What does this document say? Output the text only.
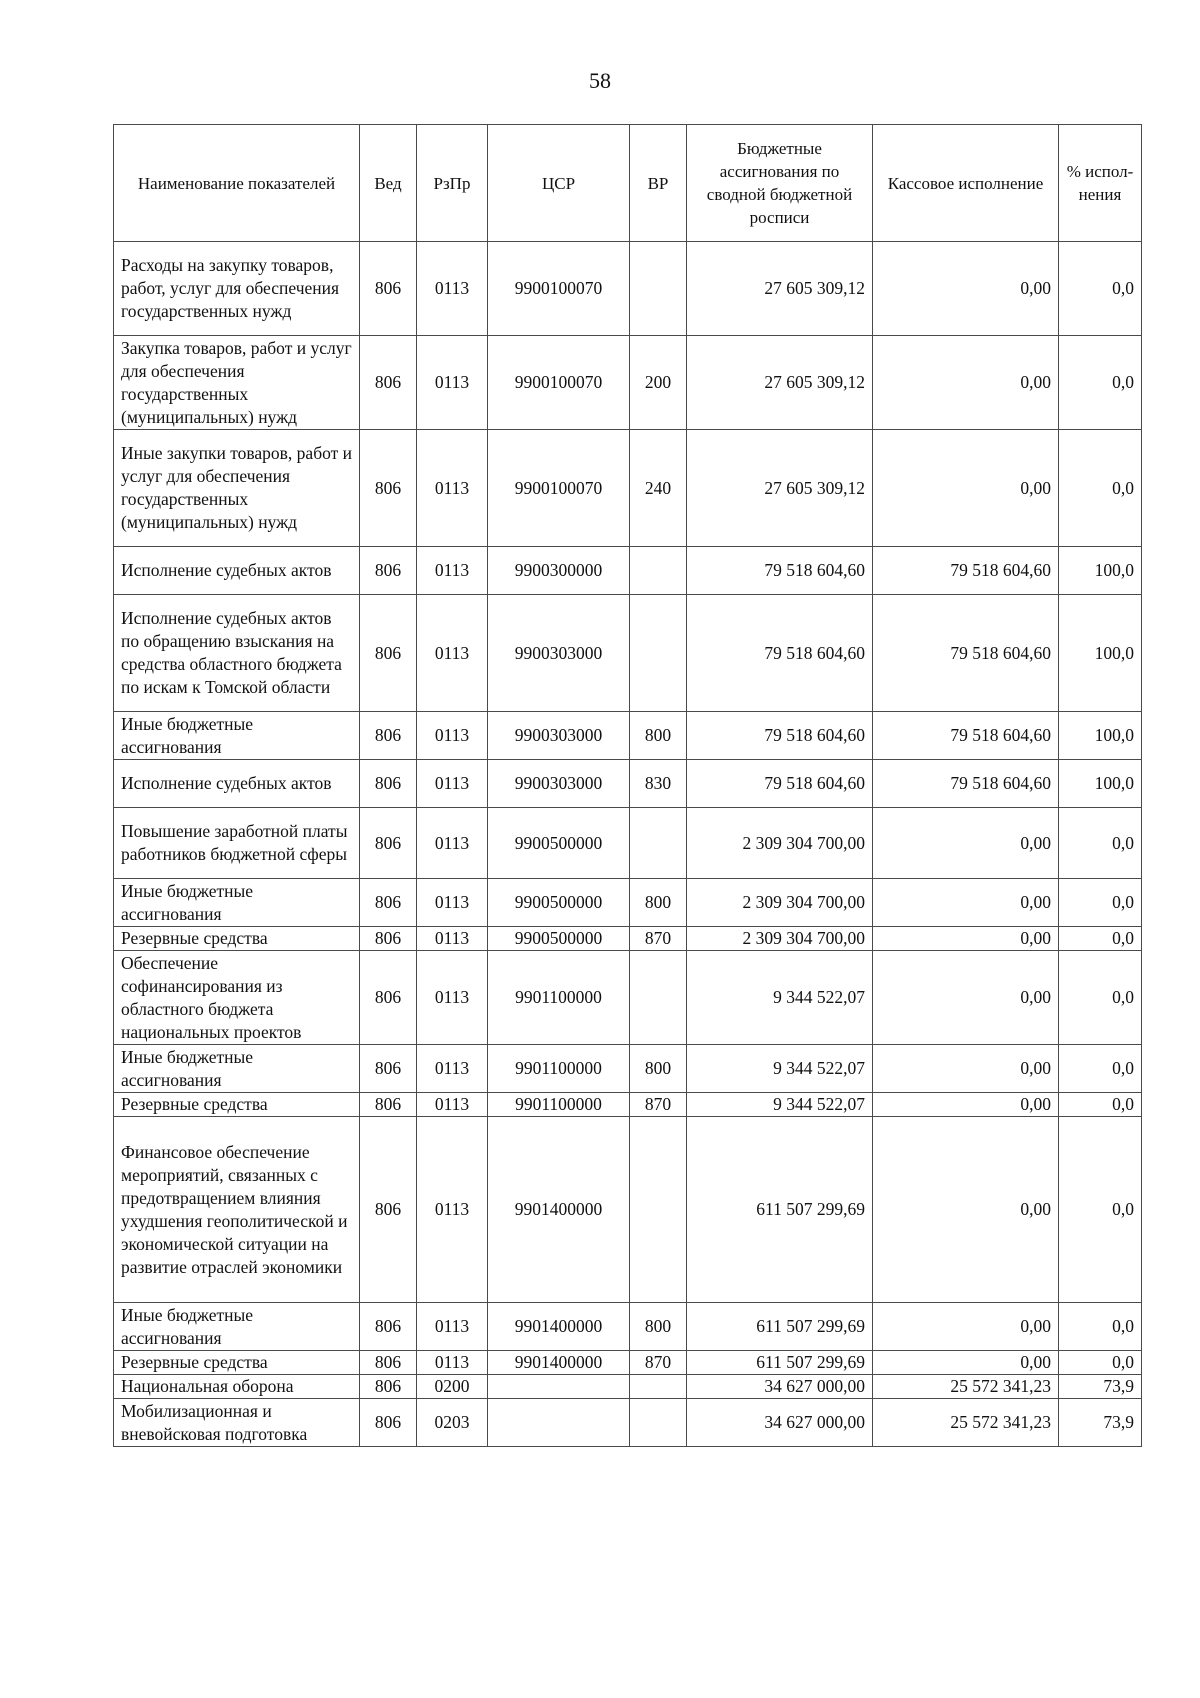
58
Наименование показателей	Вед	РзПр	ЦСР	ВР	Бюджетные ассигнования по сводной бюджетной росписи	Кассовое исполнение	% испол-нения
Расходы на закупку товаров, работ, услуг для обеспечения государственных нужд	806	0113	9900100070		27 605 309,12	0,00	0,0
Закупка товаров, работ и услуг для обеспечения государственных (муниципальных) нужд	806	0113	9900100070	200	27 605 309,12	0,00	0,0
Иные закупки товаров, работ и услуг для обеспечения государственных (муниципальных) нужд	806	0113	9900100070	240	27 605 309,12	0,00	0,0
Исполнение судебных актов	806	0113	9900300000		79 518 604,60	79 518 604,60	100,0
Исполнение судебных актов по обращению взыскания на средства областного бюджета по искам к Томской области	806	0113	9900303000		79 518 604,60	79 518 604,60	100,0
Иные бюджетные ассигнования	806	0113	9900303000	800	79 518 604,60	79 518 604,60	100,0
Исполнение судебных актов	806	0113	9900303000	830	79 518 604,60	79 518 604,60	100,0
Повышение заработной платы работников бюджетной сферы	806	0113	9900500000		2 309 304 700,00	0,00	0,0
Иные бюджетные ассигнования	806	0113	9900500000	800	2 309 304 700,00	0,00	0,0
Резервные средства	806	0113	9900500000	870	2 309 304 700,00	0,00	0,0
Обеспечение софинансирования из областного бюджета национальных проектов	806	0113	9901100000		9 344 522,07	0,00	0,0
Иные бюджетные ассигнования	806	0113	9901100000	800	9 344 522,07	0,00	0,0
Резервные средства	806	0113	9901100000	870	9 344 522,07	0,00	0,0
Финансовое обеспечение мероприятий, связанных с предотвращением влияния ухудшения геополитической и экономической ситуации на развитие отраслей экономики	806	0113	9901400000		611 507 299,69	0,00	0,0
Иные бюджетные ассигнования	806	0113	9901400000	800	611 507 299,69	0,00	0,0
Резервные средства	806	0113	9901400000	870	611 507 299,69	0,00	0,0
Национальная оборона	806	0200			34 627 000,00	25 572 341,23	73,9
Мобилизационная и вневойсковая подготовка	806	0203			34 627 000,00	25 572 341,23	73,9
